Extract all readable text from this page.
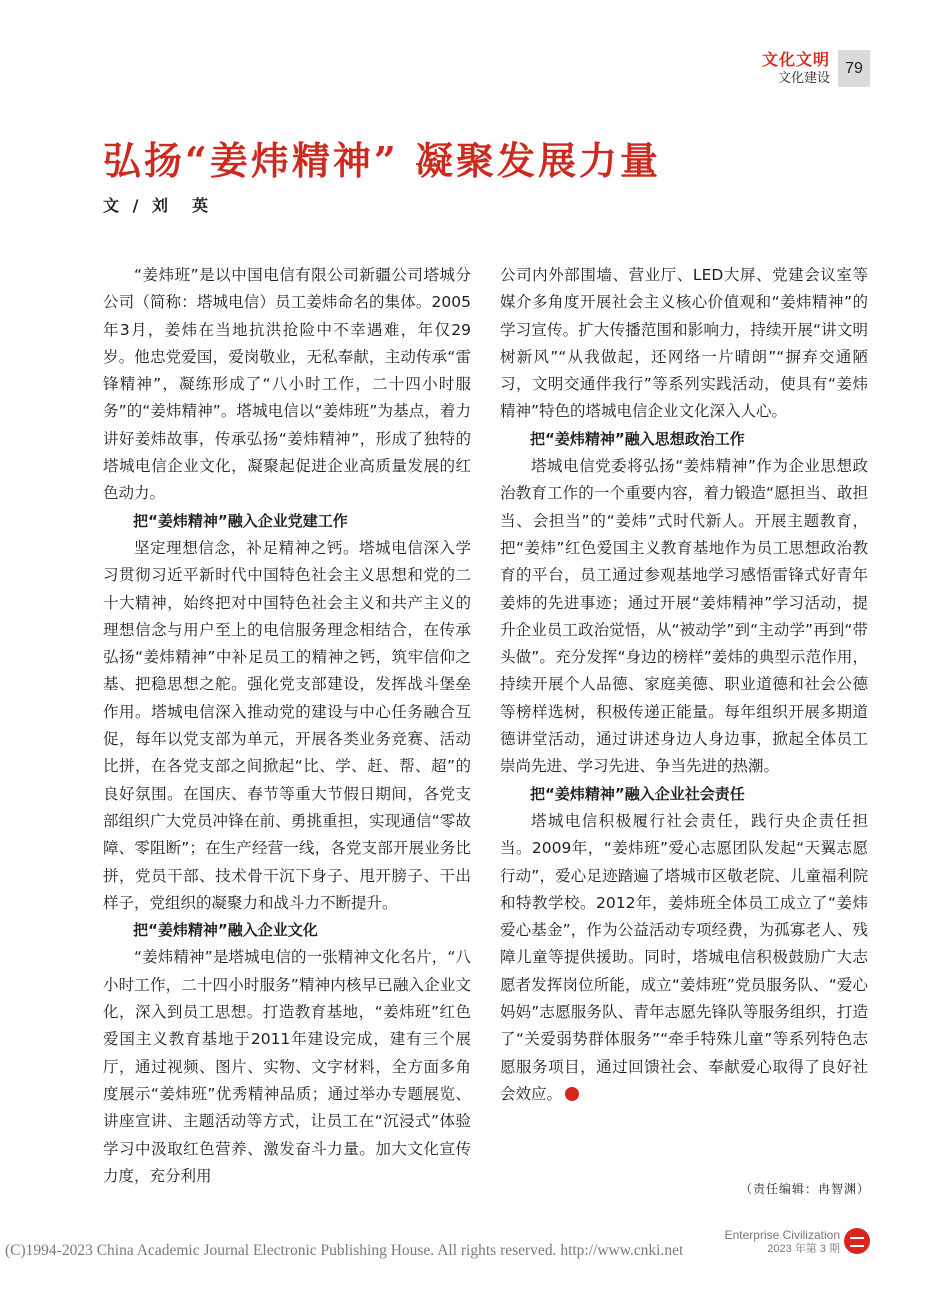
文化文明
文化建设
79
弘扬“姜炜精神” 凝聚发展力量
文 / 刘　英

“姜炜班”是以中国电信有限公司新疆公司塔城分公司（简称：塔城电信）员工姜炜命名的集体。2005年3月，姜炜在当地抗洪抢险中不幸遇难，年仅29岁。他忠党爱国，爱岗敬业，无私奉献，主动传承“雷锋精神”，凝练形成了“八小时工作，二十四小时服务”的“姜炜精神”。塔城电信以“姜炜班”为基点，着力讲好姜炜故事，传承弘扬“姜炜精神”，形成了独特的塔城电信企业文化，凝聚起促进企业高质量发展的红色动力。

把“姜炜精神”融入企业党建工作

坚定理想信念，补足精神之钙。塔城电信深入学习贯彻习近平新时代中国特色社会主义思想和党的二十大精神，始终把对中国特色社会主义和共产主义的理想信念与用户至上的电信服务理念相结合，在传承弘扬“姜炜精神”中补足员工的精神之钙，筑牢信仰之基、把稳思想之舵。强化党支部建设，发挥战斗堡垒作用。塔城电信深入推动党的建设与中心任务融合互促，每年以党支部为单元，开展各类业务竞赛、活动比拼，在各党支部之间掀起“比、学、赶、帮、超”的良好氛围。在国庆、春节等重大节假日期间，各党支部组织广大党员冲锋在前、勇挑重担，实现通信“零故障、零阻断”；在生产经营一线，各党支部开展业务比拼，党员干部、技术骨干沉下身子、甩开膀子、干出样子，党组织的凝聚力和战斗力不断提升。

把“姜炜精神”融入企业文化

“姜炜精神”是塔城电信的一张精神文化名片，“八小时工作，二十四小时服务”精神内核早已融入企业文化，深入到员工思想。打造教育基地，“姜炜班”红色爱国主义教育基地于2011年建设完成，建有三个展厅，通过视频、图片、实物、文字材料，全方面多角度展示“姜炜班”优秀精神品质；通过举办专题展览、讲座宣讲、主题活动等方式，让员工在“沉浸式”体验学习中汲取红色营养、激发奋斗力量。加大文化宣传力度，充分利用

公司内外部围墙、营业厅、LED大屏、党建会议室等媒介多角度开展社会主义核心价值观和“姜炜精神”的学习宣传。扩大传播范围和影响力，持续开展“讲文明树新风”“从我做起，还网络一片晴朗”“摒弃交通陋习，文明交通伴我行”等系列实践活动，使具有“姜炜精神”特色的塔城电信企业文化深入人心。

把“姜炜精神”融入思想政治工作

塔城电信党委将弘扬“姜炜精神”作为企业思想政治教育工作的一个重要内容，着力锻造“愿担当、敢担当、会担当”的“姜炜”式时代新人。开展主题教育，把“姜炜”红色爱国主义教育基地作为员工思想政治教育的平台，员工通过参观基地学习感悟雷锋式好青年姜炜的先进事迹；通过开展“姜炜精神”学习活动，提升企业员工政治觉悟，从“被动学”到“主动学”再到“带头做”。充分发挥“身边的榜样”姜炜的典型示范作用，持续开展个人品德、家庭美德、职业道德和社会公德等榜样选树，积极传递正能量。每年组织开展多期道德讲堂活动，通过讲述身边人身边事，掀起全体员工崇尚先进、学习先进、争当先进的热潮。

把“姜炜精神”融入企业社会责任

塔城电信积极履行社会责任，践行央企责任担当。2009年，“姜炜班”爱心志愿团队发起“天翼志愿行动”，爱心足迹踏遍了塔城市区敬老院、儿童福利院和特教学校。2012年，姜炜班全体员工成立了“姜炜爱心基金”，作为公益活动专项经费，为孤寡老人、残障儿童等提供援助。同时，塔城电信积极鼓励广大志愿者发挥岗位所能，成立“姜炜班”党员服务队、“爱心妈妈”志愿服务队、青年志愿先锋队等服务组织，打造了“关爱弱势群体服务”“牵手特殊儿童”等系列特色志愿服务项目，通过回馈社会、奉献爱心取得了良好社会效应。

（责任编辑：冉智渊）
Enterprise Civilization
2023 年第 3 期
(C)1994-2023 China Academic Journal Electronic Publishing House. All rights reserved. http://www.cnki.net
